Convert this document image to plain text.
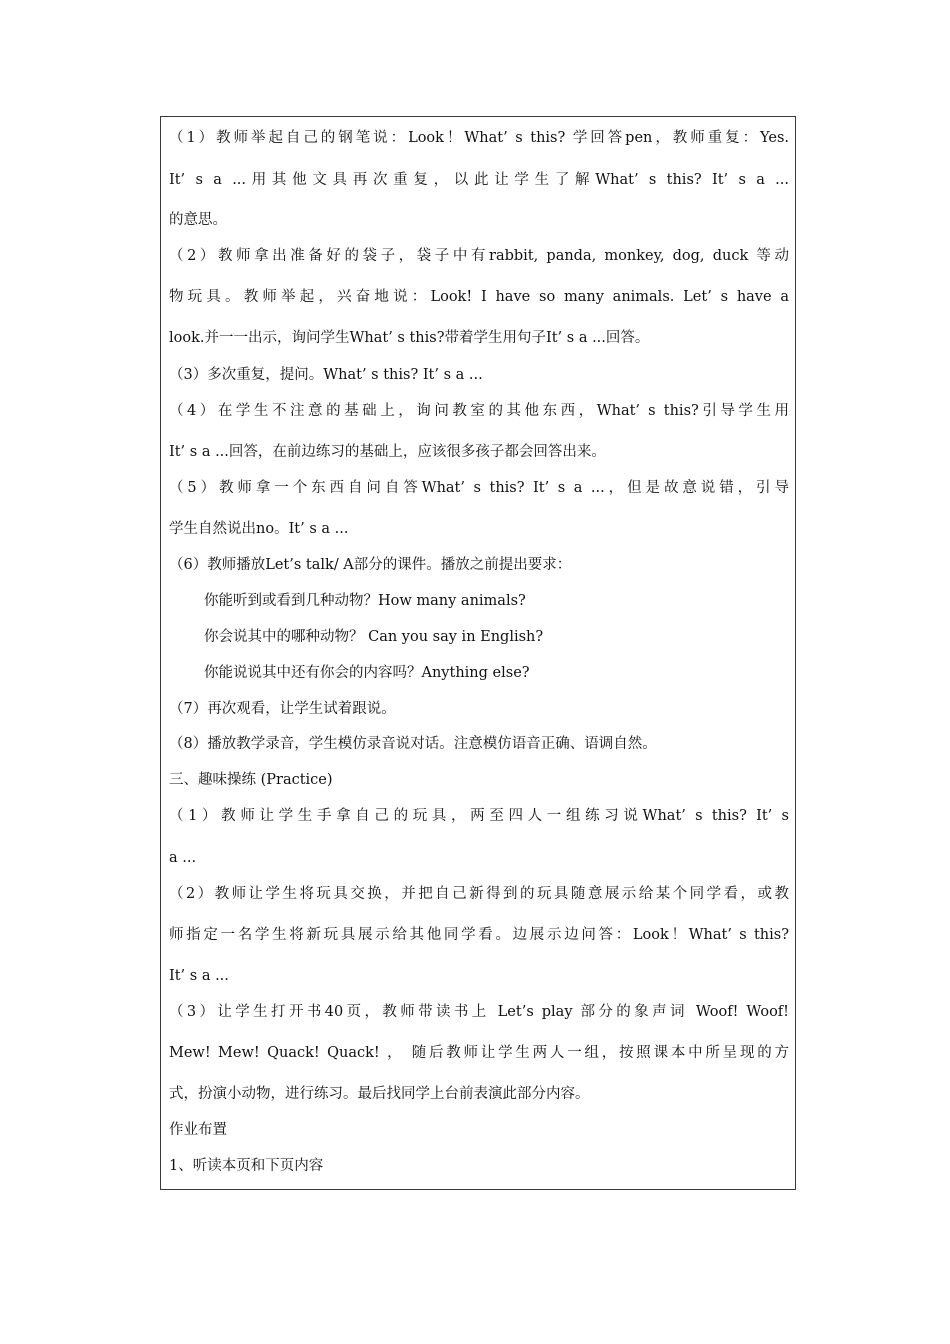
（1）教师举起自己的钢笔说：Look！What’ s this? 学回答pen，教师重复：Yes.

It’ s a ...用其他文具再次重复，以此让学生了解What’ s this? It’ s a ...

的意思。

（2）教师拿出准备好的袋子，袋子中有rabbit, panda, monkey, dog, duck 等动

物玩具。教师举起，兴奋地说：Look! I have so many animals. Let’ s have a

look.并一一出示，询问学生What’ s this?带着学生用句子It’ s a ...回答。

（3）多次重复，提问。What’ s this? It’ s a ...

（4）在学生不注意的基础上，询问教室的其他东西，What’ s this?引导学生用

It’ s a ...回答，在前边练习的基础上，应该很多孩子都会回答出来。

（5）教师拿一个东西自问自答What’ s this? It’ s a ...，但是故意说错，引导

学生自然说出no。It’ s a ...

（6）教师播放Let’s talk/ A部分的课件。播放之前提出要求：

你能听到或看到几种动物？How many animals?

你会说其中的哪种动物？ Can you say in English?

你能说说其中还有你会的内容吗？Anything else?

（7）再次观看，让学生试着跟说。

（8）播放教学录音，学生模仿录音说对话。注意模仿语音正确、语调自然。

三、趣味操练 (Practice)

（1）教师让学生手拿自己的玩具，两至四人一组练习说What’ s this? It’ s

a ...

（2）教师让学生将玩具交换，并把自己新得到的玩具随意展示给某个同学看，或教

师指定一名学生将新玩具展示给其他同学看。边展示边问答：Look！What’ s this?

It’ s a ...

（3）让学生打开书40页，教师带读书上 Let’s play 部分的象声词 Woof! Woof!

Mew! Mew! Quack! Quack! ， 随后教师让学生两人一组，按照课本中所呈现的方

式，扮演小动物，进行练习。最后找同学上台前表演此部分内容。

作业布置

1、听读本页和下页内容
